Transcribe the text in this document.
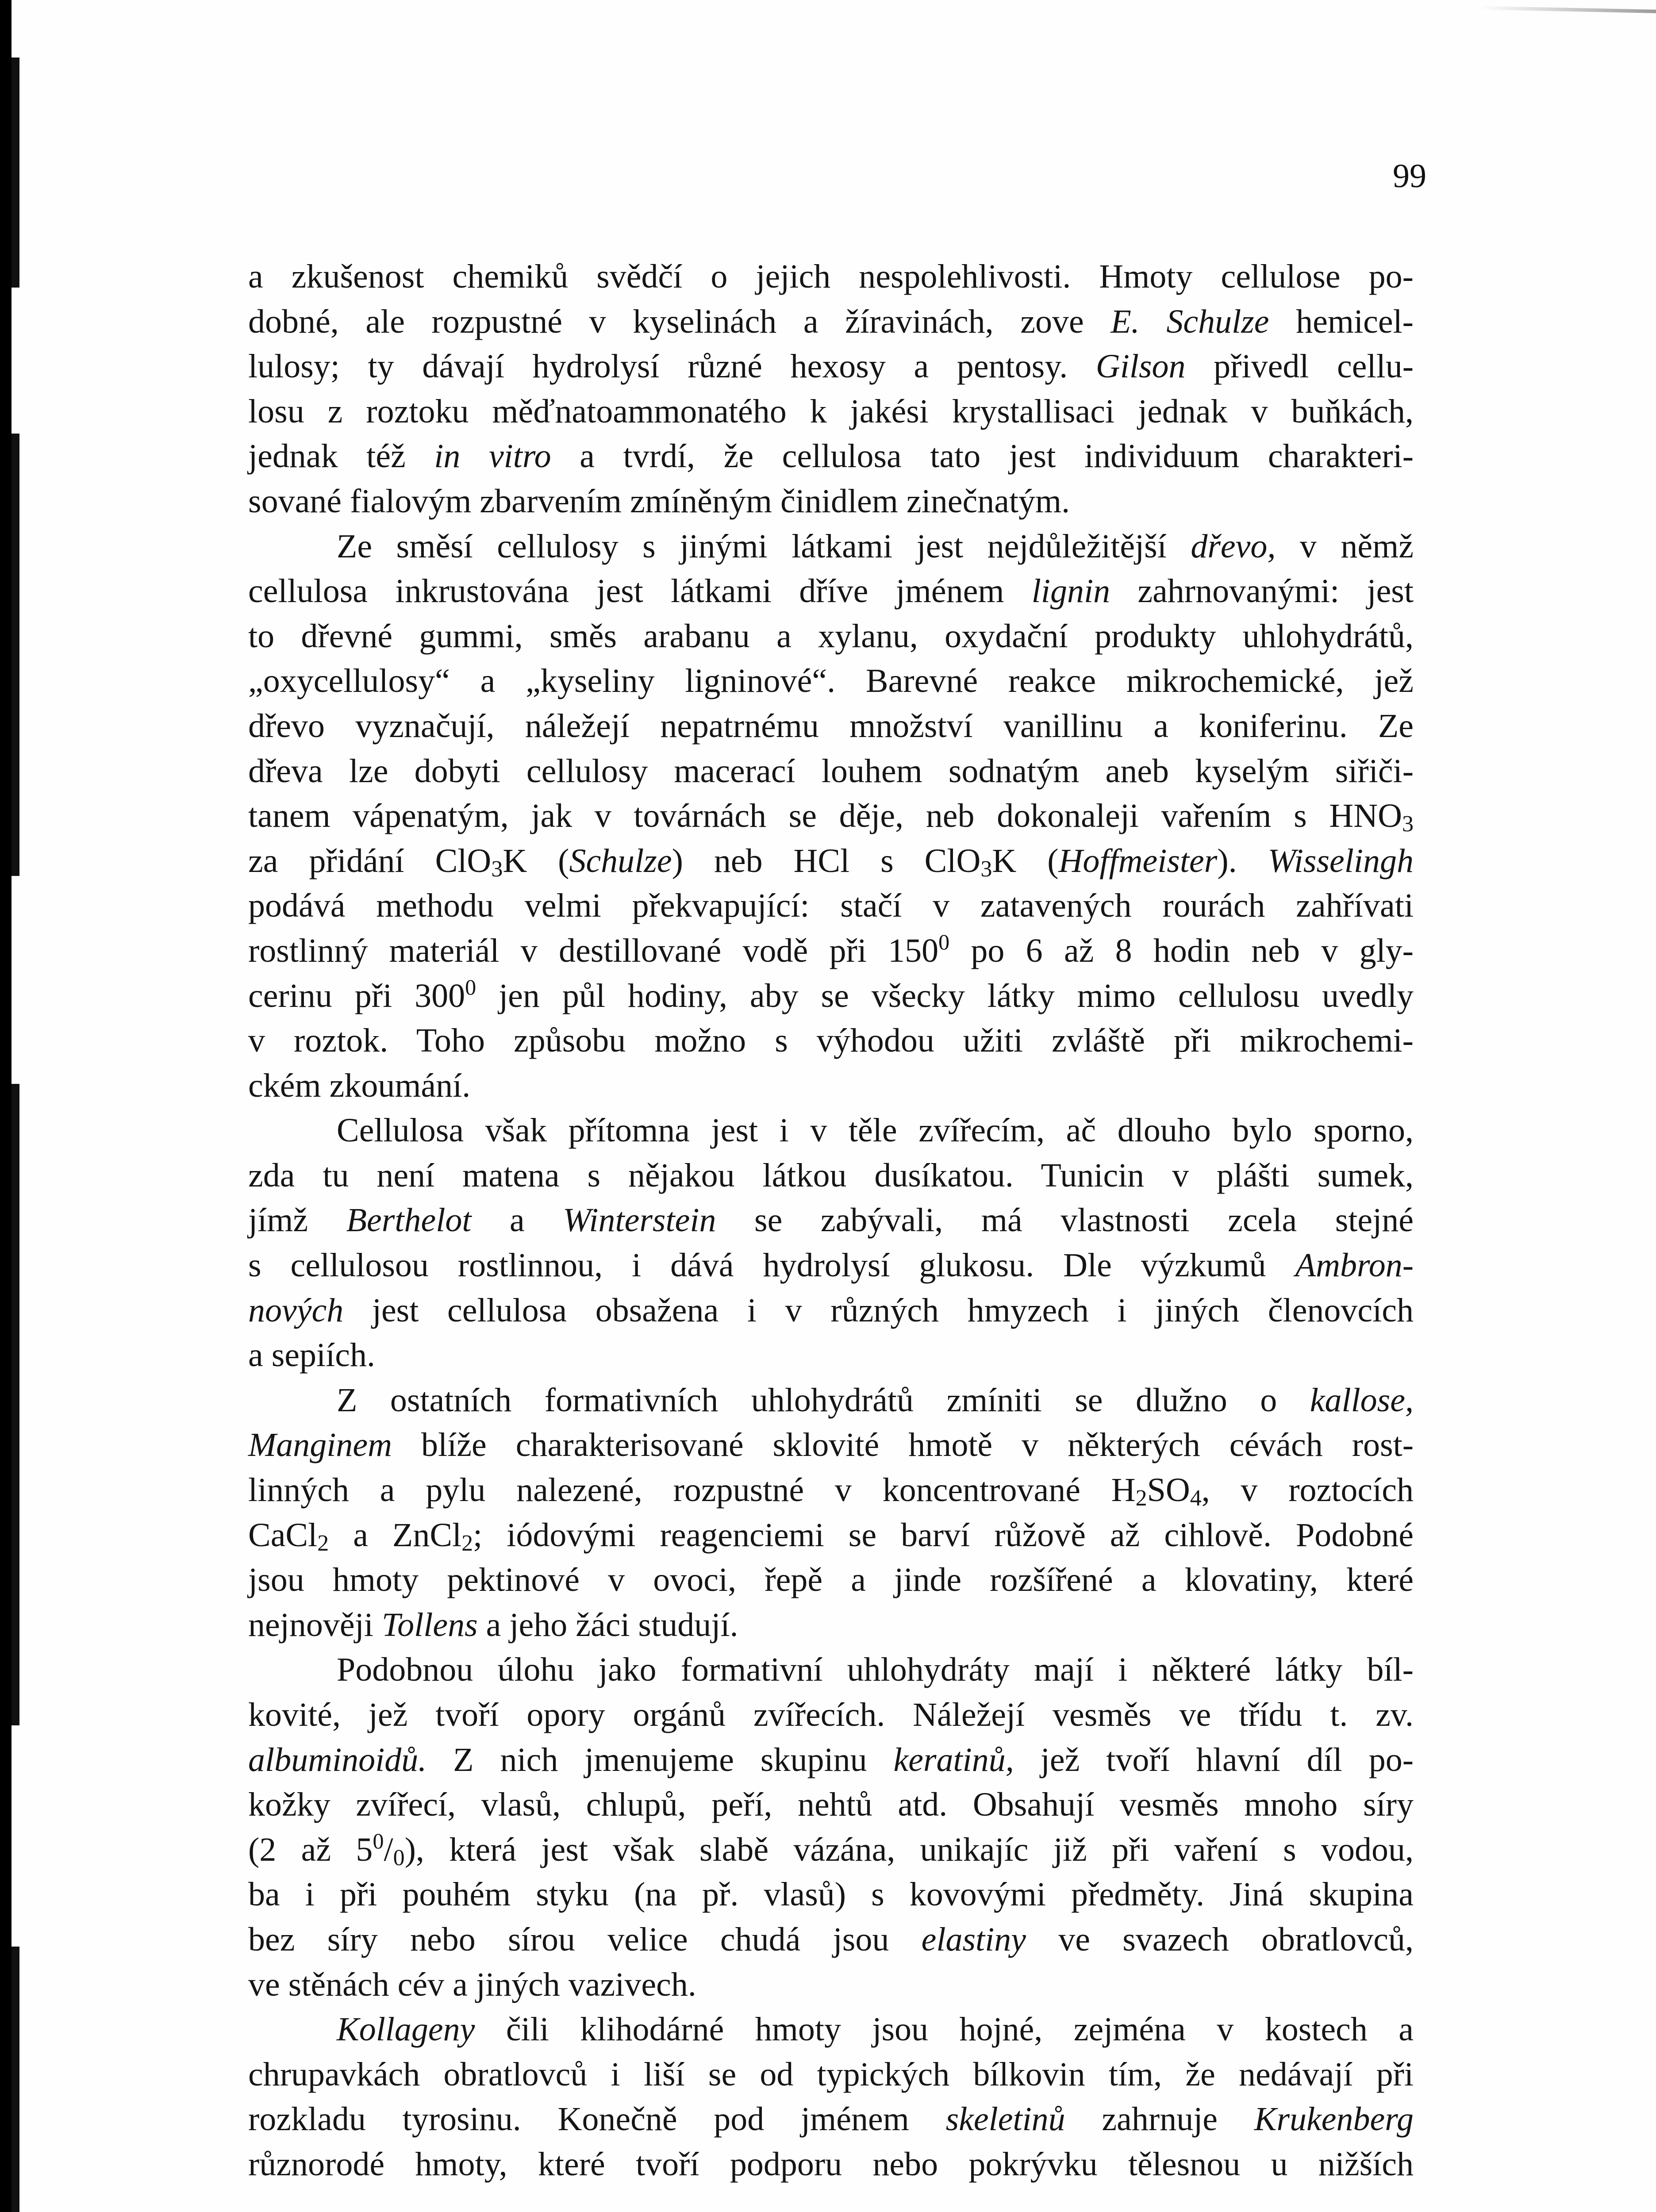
99
a zkušenost chemiků svědčí o jejich nespolehlivosti. Hmoty cellulose po-
dobné, ale rozpustné v kyselinách a žíravinách, zove E. Schulze hemicel-
lulosy; ty dávají hydrolysí různé hexosy a pentosy. Gilson přivedl cellu-
losu z roztoku měďnatoammonatého k jakési krystallisaci jednak v buňkách,
jednak též in vitro a tvrdí, že cellulosa tato jest individuum charakteri-
sované fialovým zbarvením zmíněným činidlem zinečnatým.
Ze směsí cellulosy s jinými látkami jest nejdůležitější dřevo, v němž
cellulosa inkrustována jest látkami dříve jménem lignin zahrnovanými: jest
to dřevné gummi, směs arabanu a xylanu, oxydační produkty uhlohydrátů,
„oxycellulosy“ a „kyseliny ligninové“. Barevné reakce mikrochemické, jež
dřevo vyznačují, náležejí nepatrnému množství vanillinu a koniferinu. Ze
dřeva lze dobyti cellulosy macerací louhem sodnatým aneb kyselým siřiči-
tanem vápenatým, jak v továrnách se děje, neb dokonaleji vařením s $HNO_3$
za přidání ClO$_3$K (Schulze) neb HCl s ClO$_3$K (Hoffmeister). Wisselingh
podává methodu velmi překvapující: stačí v zatavených rourách zahřívati
rostlinný materiál v destillované vodě při $150^0$ po 6 až 8 hodin neb v gly-
cerinu při $300^0$ jen půl hodiny, aby se všecky látky mimo cellulosu uvedly
v roztok. Toho způsobu možno s výhodou užiti zvláště při mikrochemi-
ckém zkoumání.
Cellulosa však přítomna jest i v těle zvířecím, ač dlouho bylo sporno,
zda tu není matena s nějakou látkou dusíkatou. Tunicin v plášti sumek,
jímž Berthelot a Winterstein se zabývali, má vlastnosti zcela stejné
s cellulosou rostlinnou, i dává hydrolysí glukosu. Dle výzkumů Ambron-
nových jest cellulosa obsažena i v různých hmyzech i jiných členovcích
a sepiích.
Z ostatních formativních uhlohydrátů zmíniti se dlužno o kallose,
Manginem blíže charakterisované sklovité hmotě v některých cévách rost-
linných a pylu nalezené, rozpustné v koncentrované $H_2SO_4$, v roztocích
CaCl$_2$ a ZnCl$_2$; iódovými reagenciemi se barví růžově až cihlově. Podobné
jsou hmoty pektinové v ovoci, řepě a jinde rozšířené a klovatiny, které
nejnověji Tollens a jeho žáci studují.
Podobnou úlohu jako formativní uhlohydráty mají i některé látky bíl-
kovité, jež tvoří opory orgánů zvířecích. Náležejí vesměs ve třídu t. zv.
albuminoidů. Z nich jmenujeme skupinu keratinů, jež tvoří hlavní díl po-
kožky zvířecí, vlasů, chlupů, peří, nehtů atd. Obsahují vesměs mnoho síry
(2 až $5^0/_0$), která jest však slabě vázána, unikajíc již při vaření s vodou,
ba i při pouhém styku (na př. vlasů) s kovovými předměty. Jiná skupina
bez síry nebo sírou velice chudá jsou elastiny ve svazech obratlovců,
ve stěnách cév a jiných vazivech.
Kollageny čili klihodárné hmoty jsou hojné, zejména v kostech a
chrupavkách obratlovců i liší se od typických bílkovin tím, že nedávají při
rozkladu tyrosinu. Konečně pod jménem skeletinů zahrnuje Krukenberg
různorodé hmoty, které tvoří podporu nebo pokrývku tělesnou u nižších
